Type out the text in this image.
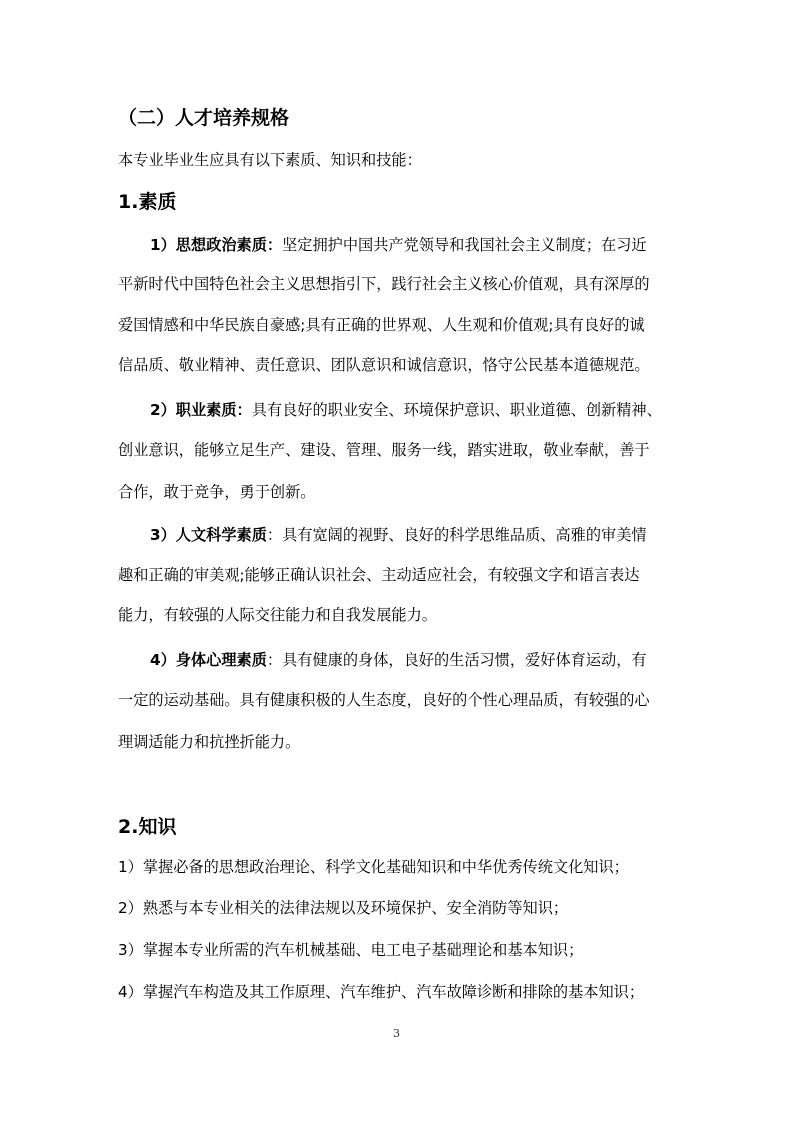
（二）人才培养规格
本专业毕业生应具有以下素质、知识和技能：
1.素质
1）思想政治素质：坚定拥护中国共产党领导和我国社会主义制度；在习近
平新时代中国特色社会主义思想指引下，践行社会主义核心价值观，具有深厚的
爱国情感和中华民族自豪感;具有正确的世界观、人生观和价值观;具有良好的诚
信品质、敬业精神、责任意识、团队意识和诚信意识，恪守公民基本道德规范。
2）职业素质：具有良好的职业安全、环境保护意识、职业道德、创新精神、
创业意识，能够立足生产、建设、管理、服务一线，踏实进取，敬业奉献，善于
合作，敢于竞争，勇于创新。
3）人文科学素质：具有宽阔的视野、良好的科学思维品质、高雅的审美情
趣和正确的审美观;能够正确认识社会、主动适应社会，有较强文字和语言表达
能力，有较强的人际交往能力和自我发展能力。
4）身体心理素质：具有健康的身体，良好的生活习惯，爱好体育运动，有
一定的运动基础。具有健康积极的人生态度，良好的个性心理品质，有较强的心
理调适能力和抗挫折能力。
2.知识
1）掌握必备的思想政治理论、科学文化基础知识和中华优秀传统文化知识；
2）熟悉与本专业相关的法律法规以及环境保护、安全消防等知识；
3）掌握本专业所需的汽车机械基础、电工电子基础理论和基本知识；
4）掌握汽车构造及其工作原理、汽车维护、汽车故障诊断和排除的基本知识；
3
